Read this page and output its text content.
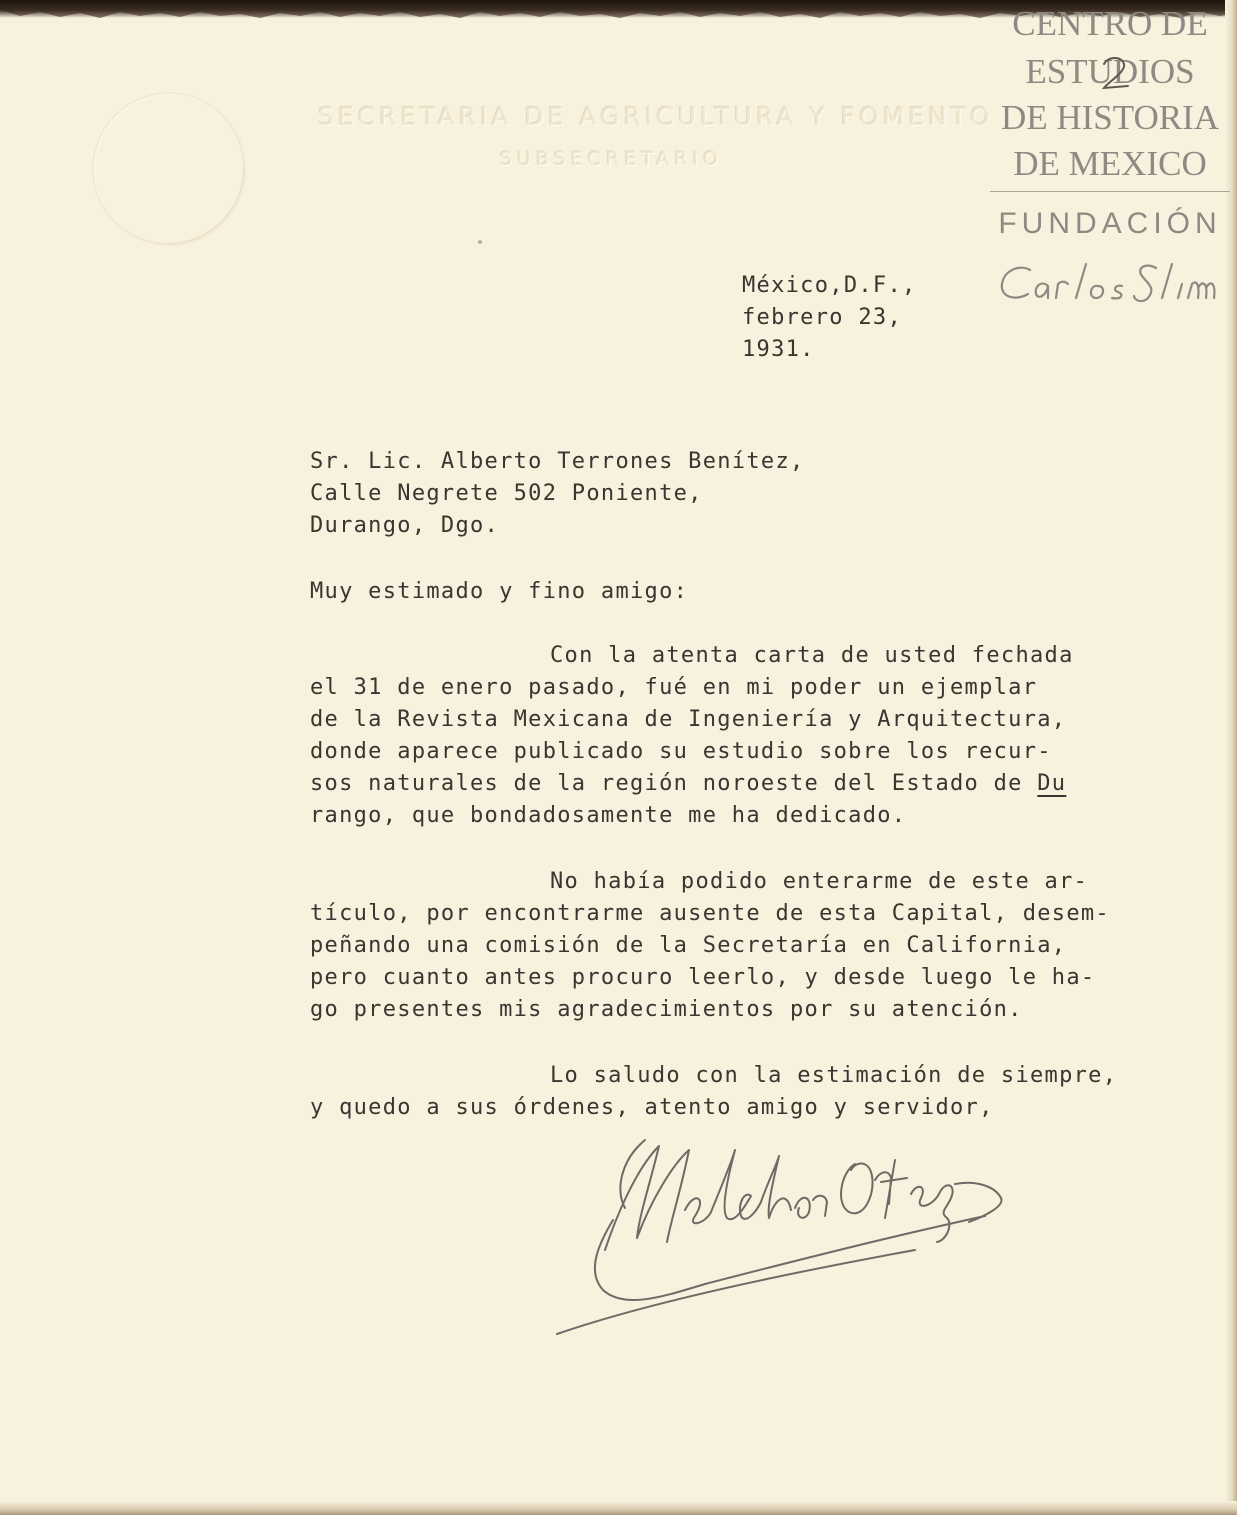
SECRETARIA DE AGRICULTURA Y FOMENTO
SUBSECRETARIO
CENTRO DE
ESTUDIOS
DE HISTORIA
DE MEXICO
FUNDACIÓN
México,D.F.,
febrero 23,
1931.
Sr. Lic. Alberto Terrones Benítez,
Calle Negrete 502 Poniente,
Durango, Dgo.
Muy estimado y fino amigo:
Con la atenta carta de usted fechada
el 31 de enero pasado, fué en mi poder un ejemplar
de la Revista Mexicana de Ingeniería y Arquitectura,
donde aparece publicado su estudio sobre los recur-
sos naturales de la región noroeste del Estado de Du
rango, que bondadosamente me ha dedicado.
No había podido enterarme de este ar-
tículo, por encontrarme ausente de esta Capital, desem-
peñando una comisión de la Secretaría en California,
pero cuanto antes procuro leerlo, y desde luego le ha-
go presentes mis agradecimientos por su atención.
Lo saludo con la estimación de siempre,
y quedo a sus órdenes, atento amigo y servidor,
Melchor Ortega
